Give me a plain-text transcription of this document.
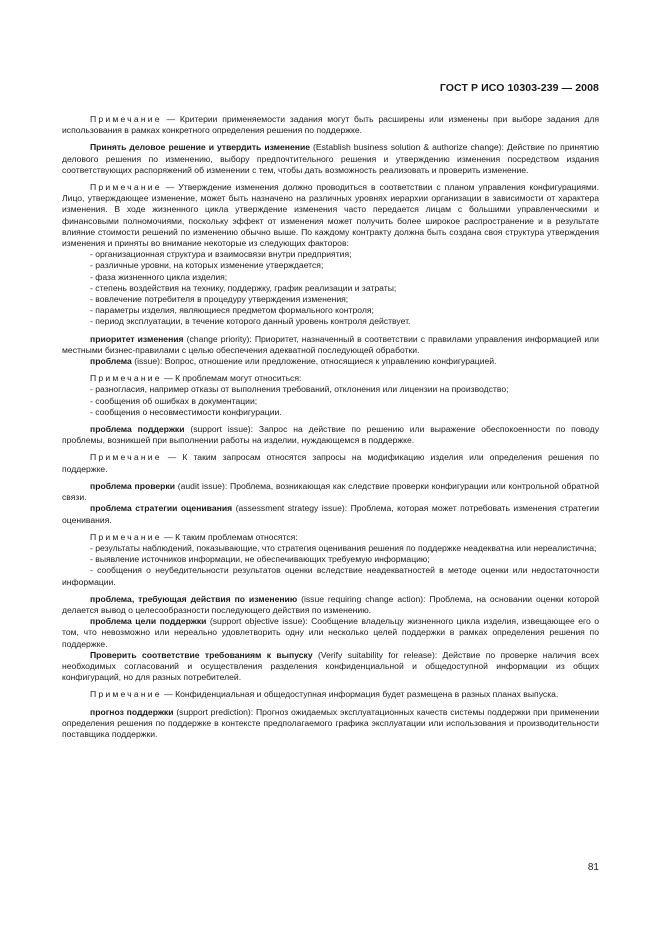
ГОСТ Р ИСО 10303-239 — 2008

Примечание — Критерии применяемости задания могут быть расширены или изменены при выборе задания для использования в рамках конкретного определения решения по поддержке.

Принять деловое решение и утвердить изменение (Establish business solution & authorize change): Действие по принятию делового решения по изменению, выбору предпочтительного решения и утверждению изменения посредством издания соответствующих распоряжений об изменении с тем, чтобы дать возможность реализовать и проверить изменение.

Примечание — Утверждение изменения должно проводиться в соответствии с планом управления конфигурациями. Лицо, утверждающее изменение, может быть назначено на различных уровнях иерархии организации в зависимости от характера изменения. В ходе жизненного цикла утверждение изменения часто передается лицам с большими управленческими и финансовыми полномочиями, поскольку эффект от изменения может получить более широкое распространение и в результате влияние стоимости решений по изменению обычно выше. По каждому контракту должна быть создана своя структура утверждения изменения и приняты во внимание некоторые из следующих факторов:

- организационная структура и взаимосвязи внутри предприятия;

- различные уровни, на которых изменение утверждается;

- фаза жизненного цикла изделия;

- степень воздействия на технику, поддержку, график реализации и затраты;

- вовлечение потребителя в процедуру утверждения изменения;

- параметры изделия, являющиеся предметом формального контроля;

- период эксплуатации, в течение которого данный уровень контроля действует.

приоритет изменения (change priority): Приоритет, назначенный в соответствии с правилами управления информацией или местными бизнес-правилами с целью обеспечения адекватной последующей обработки.

проблема (issue): Вопрос, отношение или предложение, относящиеся к управлению конфигурацией.

Примечание — К проблемам могут относиться:

- разногласия, например отказы от выполнения требований, отклонения или лицензии на производство;

- сообщения об ошибках в документации;

- сообщения о несовместимости конфигурации.

проблема поддержки (support issue): Запрос на действие по решению или выражение обеспокоенности по поводу проблемы, возникшей при выполнении работы на изделии, нуждающемся в поддержке.

Примечание — К таким запросам относятся запросы на модификацию изделия или определения решения по поддержке.

проблема проверки (audit issue): Проблема, возникающая как следствие проверки конфигурации или контрольной обратной связи.

проблема стратегии оценивания (assessment strategy issue): Проблема, которая может потребовать изменения стратегии оценивания.

Примечание — К таким проблемам относятся:

- результаты наблюдений, показывающие, что стратегия оценивания решения по поддержке неадекватна или нереалистична;

- выявление источников информации, не обеспечивающих требуемую информацию;

- сообщения о неубедительности результатов оценки вследствие неадекватностей в методе оценки или недостаточности информации.

проблема, требующая действия по изменению (issue requiring change action): Проблема, на основании оценки которой делается вывод о целесообразности последующего действия по изменению.

проблема цели поддержки (support objective issue): Сообщение владельцу жизненного цикла изделия, извещающее его о том, что невозможно или нереально удовлетворить одну или несколько целей поддержки в рамках определения решения по поддержке.

Проверить соответствие требованиям к выпуску (Verify suitability for release): Действие по проверке наличия всех необходимых согласований и осуществления разделения конфиденциальной и общедоступной информации из общих конфигураций, но для разных потребителей.

Примечание — Конфиденциальная и общедоступная информация будет размещена в разных планах выпуска.

прогноз поддержки (support prediction): Прогноз ожидаемых эксплуатационных качеств системы поддержки при применении определения решения по поддержке в контексте предполагаемого графика эксплуатации или использования и производительности поставщика поддержки.

81
